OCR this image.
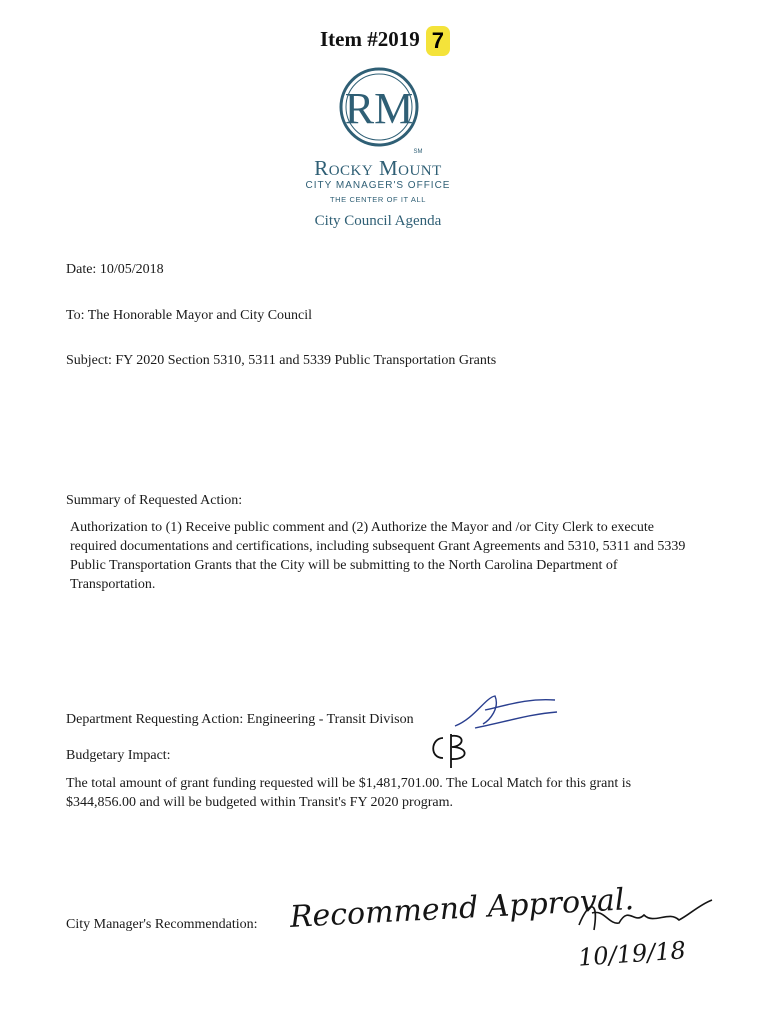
Item #2019 7
RM
SM
Rocky Mount
CITY MANAGER'S OFFICE
THE CENTER OF IT ALL
City Council Agenda
Date: 10/05/2018
To: The Honorable Mayor and City Council
Subject: FY 2020 Section 5310, 5311 and 5339 Public Transportation Grants
Summary of Requested Action:
Authorization to (1) Receive public comment and (2) Authorize the Mayor and /or City Clerk to execute required documentations and certifications, including subsequent Grant Agreements and 5310, 5311 and 5339 Public Transportation Grants that the City will be submitting to the North Carolina Department of Transportation.
Department Requesting Action: Engineering - Transit Divison
Budgetary Impact:
The total amount of grant funding requested will be $1,481,701.00. The Local Match for this grant is $344,856.00 and will be budgeted within Transit's FY 2020 program.
City Manager's Recommendation: Recommend Approval.
10/19/18
